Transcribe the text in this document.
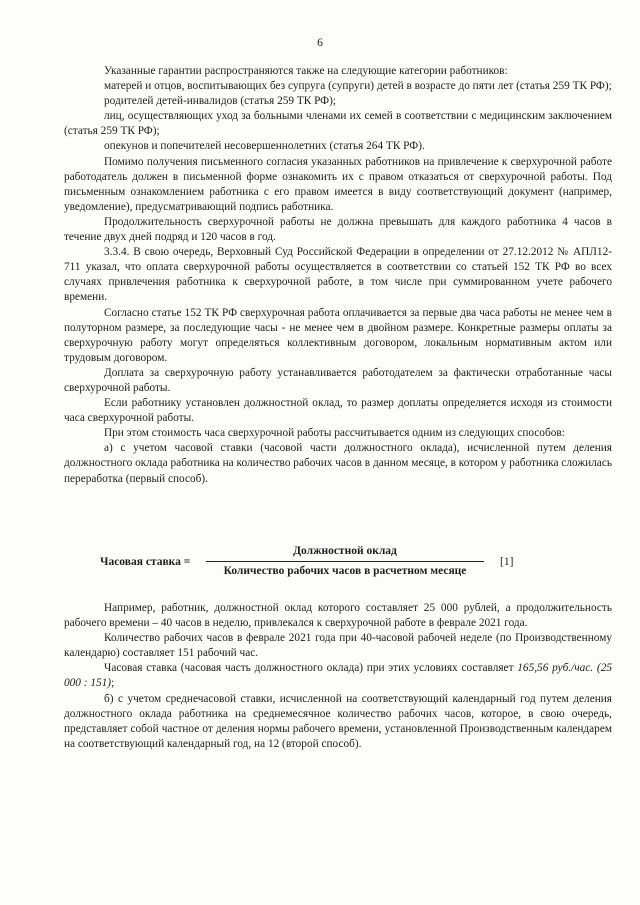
6

Указанные гарантии распространяются также на следующие категории работников:

матерей и отцов, воспитывающих без супруга (супруги) детей в возрасте до пяти лет (статья 259 ТК РФ);

родителей детей-инвалидов (статья 259 ТК РФ);

лиц, осуществляющих уход за больными членами их семей в соответствии с медицинским заключением (статья 259 ТК РФ);

опекунов и попечителей несовершеннолетних (статья 264 ТК РФ).

Помимо получения письменного согласия указанных работников на привлечение к сверхурочной работе работодатель должен в письменной форме ознакомить их с правом отказаться от сверхурочной работы. Под письменным ознакомлением работника с его правом имеется в виду соответствующий документ (например, уведомление), предусматривающий подпись работника.

Продолжительность сверхурочной работы не должна превышать для каждого работника 4 часов в течение двух дней подряд и 120 часов в год.

3.3.4. В свою очередь, Верховный Суд Российской Федерации в определении от 27.12.2012 № АПЛ12-711 указал, что оплата сверхурочной работы осуществляется в соответствии со статьей 152 ТК РФ во всех случаях привлечения работника к сверхурочной работе, в том числе при суммированном учете рабочего времени.

Согласно статье 152 ТК РФ сверхурочная работа оплачивается за первые два часа работы не менее чем в полуторном размере, за последующие часы - не менее чем в двойном размере. Конкретные размеры оплаты за сверхурочную работу могут определяться коллективным договором, локальным нормативным актом или трудовым договором.

Доплата за сверхурочную работу устанавливается работодателем за фактически отработанные часы сверхурочной работы.

Если работнику установлен должностной оклад, то размер доплаты определяется исходя из стоимости часа сверхурочной работы.

При этом стоимость часа сверхурочной работы рассчитывается одним из следующих способов:

а) с учетом часовой ставки (часовой части должностного оклада), исчисленной путем деления должностного оклада работника на количество рабочих часов в данном месяце, в котором у работника сложилась переработка (первый способ).

Часовая ставка =
Должностной оклад
Количество рабочих часов в расчетном месяце
[1]

Например, работник, должностной оклад которого составляет 25 000 рублей, а продолжительность рабочего времени – 40 часов в неделю, привлекался к сверхурочной работе в феврале 2021 года.

Количество рабочих часов в феврале 2021 года при 40-часовой рабочей неделе (по Производственному календарю) составляет 151 рабочий час.

Часовая ставка (часовая часть должностного оклада) при этих условиях составляет 165,56 руб./час. (25 000 : 151);

б) с учетом среднечасовой ставки, исчисленной на соответствующий календарный год путем деления должностного оклада работника на среднемесячное количество рабочих часов, которое, в свою очередь, представляет собой частное от деления нормы рабочего времени, установленной Производственным календарем на соответствующий календарный год, на 12 (второй способ).
